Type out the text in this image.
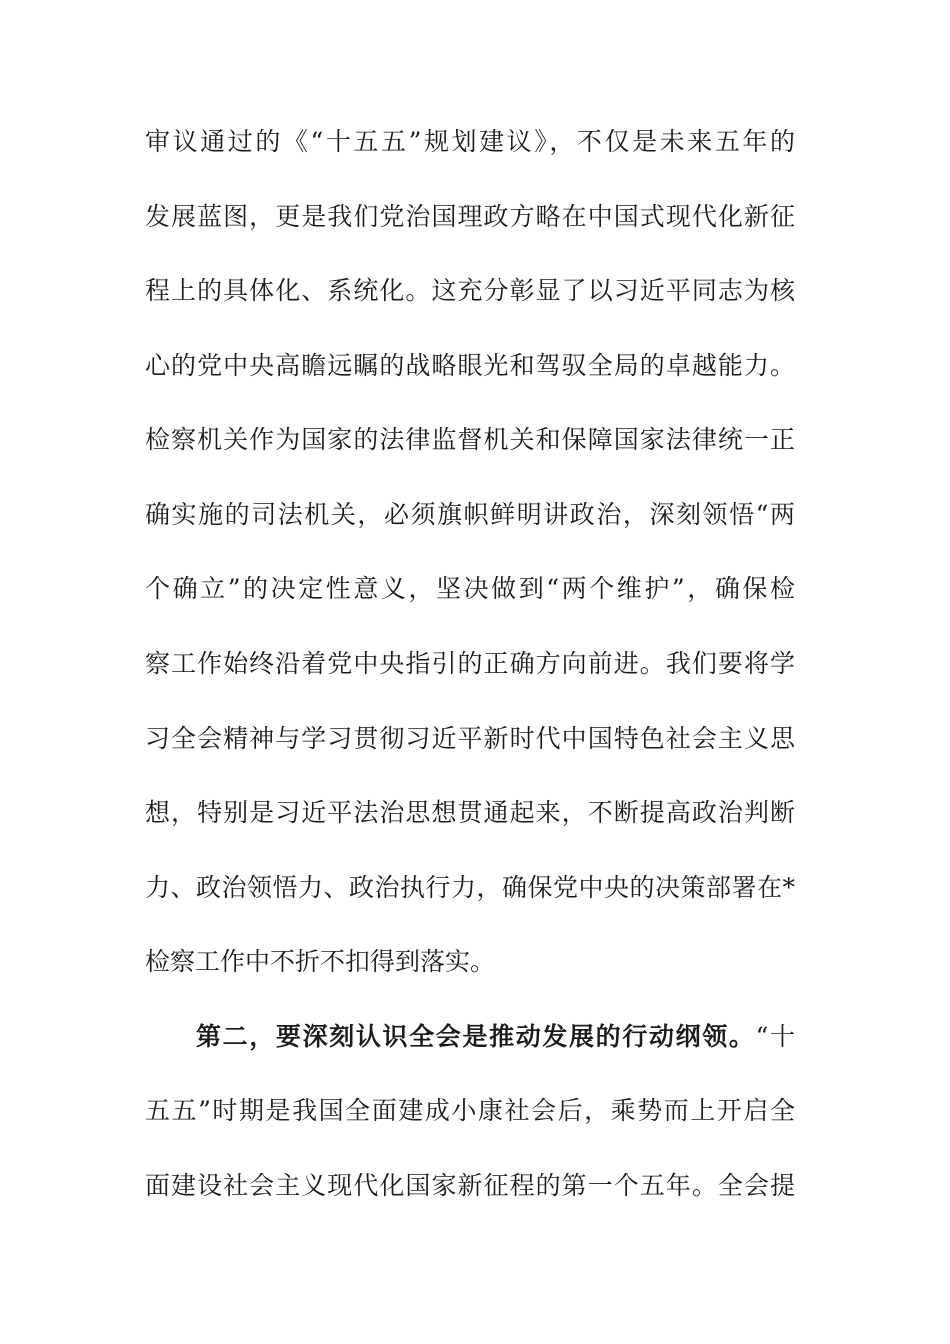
审议通过的《“十五五”规划建议》，不仅是未来五年的
发展蓝图，更是我们党治国理政方略在中国式现代化新征
程上的具体化、系统化。这充分彰显了以习近平同志为核
心的党中央高瞻远瞩的战略眼光和驾驭全局的卓越能力。
检察机关作为国家的法律监督机关和保障国家法律统一正
确实施的司法机关，必须旗帜鲜明讲政治，深刻领悟“两
个确立”的决定性意义，坚决做到“两个维护”，确保检
察工作始终沿着党中央指引的正确方向前进。我们要将学
习全会精神与学习贯彻习近平新时代中国特色社会主义思
想，特别是习近平法治思想贯通起来，不断提高政治判断
力、政治领悟力、政治执行力，确保党中央的决策部署在*
检察工作中不折不扣得到落实。
第二，要深刻认识全会是推动发展的行动纲领。“十
五五”时期是我国全面建成小康社会后，乘势而上开启全
面建设社会主义现代化国家新征程的第一个五年。全会提
